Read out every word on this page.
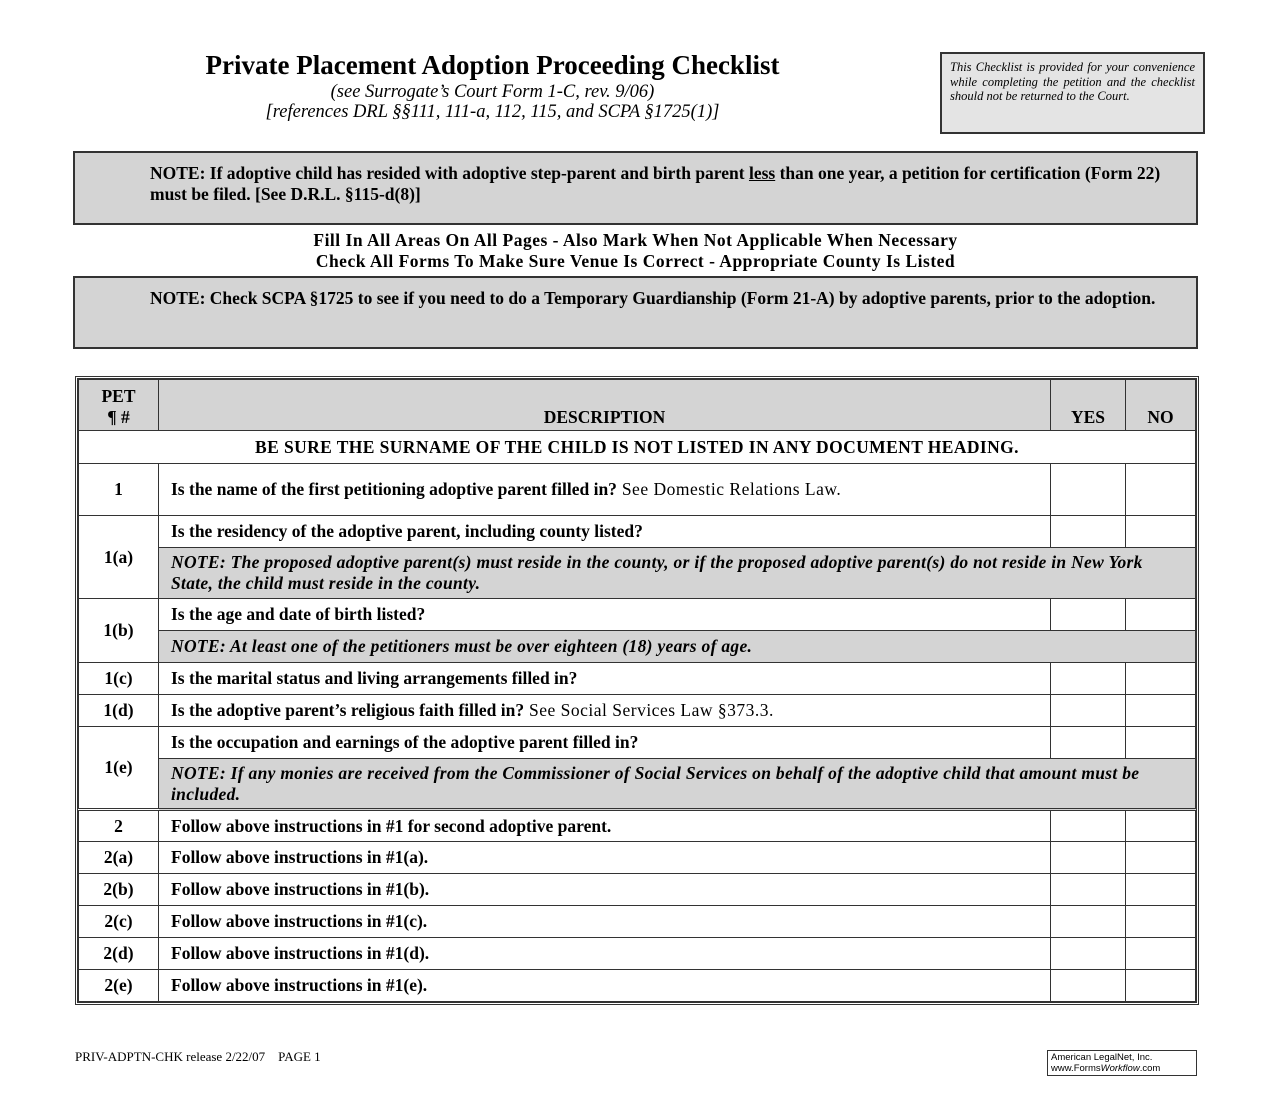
Private Placement Adoption Proceeding Checklist
(see Surrogate’s Court Form 1-C, rev. 9/06)
[references DRL §§111, 111-a, 112, 115, and SCPA §1725(1)]
This Checklist is provided for your convenience while completing the petition and the checklist should not be returned to the Court.
NOTE: If adoptive child has resided with adoptive step-parent and birth parent less than one year, a petition for certification (Form 22) must be filed. [See D.R.L. §115-d(8)]
Fill In All Areas On All Pages - Also Mark When Not Applicable When Necessary
Check All Forms To Make Sure Venue Is Correct - Appropriate County Is Listed
NOTE: Check SCPA §1725 to see if you need to do a Temporary Guardianship (Form 21-A) by adoptive parents, prior to the adoption.
PET
¶ #	DESCRIPTION	YES	NO
BE SURE THE SURNAME OF THE CHILD IS NOT LISTED IN ANY DOCUMENT HEADING.			
1	Is the name of the first petitioning adoptive parent filled in? See Domestic Relations Law.		
1(a)	Is the residency of the adoptive parent, including county listed?		
	NOTE: The proposed adoptive parent(s) must reside in the county, or if the proposed adoptive parent(s) do not reside in New York State, the child must reside in the county.		
1(b)	Is the age and date of birth listed?		
	NOTE: At least one of the petitioners must be over eighteen (18) years of age.		
1(c)	Is the marital status and living arrangements filled in?		
1(d)	Is the adoptive parent’s religious faith filled in? See Social Services Law §373.3.		
1(e)	Is the occupation and earnings of the adoptive parent filled in?		
	NOTE: If any monies are received from the Commissioner of Social Services on behalf of the adoptive child that amount must be included.		
2	Follow above instructions in #1 for second adoptive parent.		
2(a)	Follow above instructions in #1(a).		
2(b)	Follow above instructions in #1(b).		
2(c)	Follow above instructions in #1(c).		
2(d)	Follow above instructions in #1(d).		
2(e)	Follow above instructions in #1(e).		
PRIV-ADPTN-CHK release 2/22/07 PAGE 1	American LegalNet, Inc.
www.FormsWorkflow.com
